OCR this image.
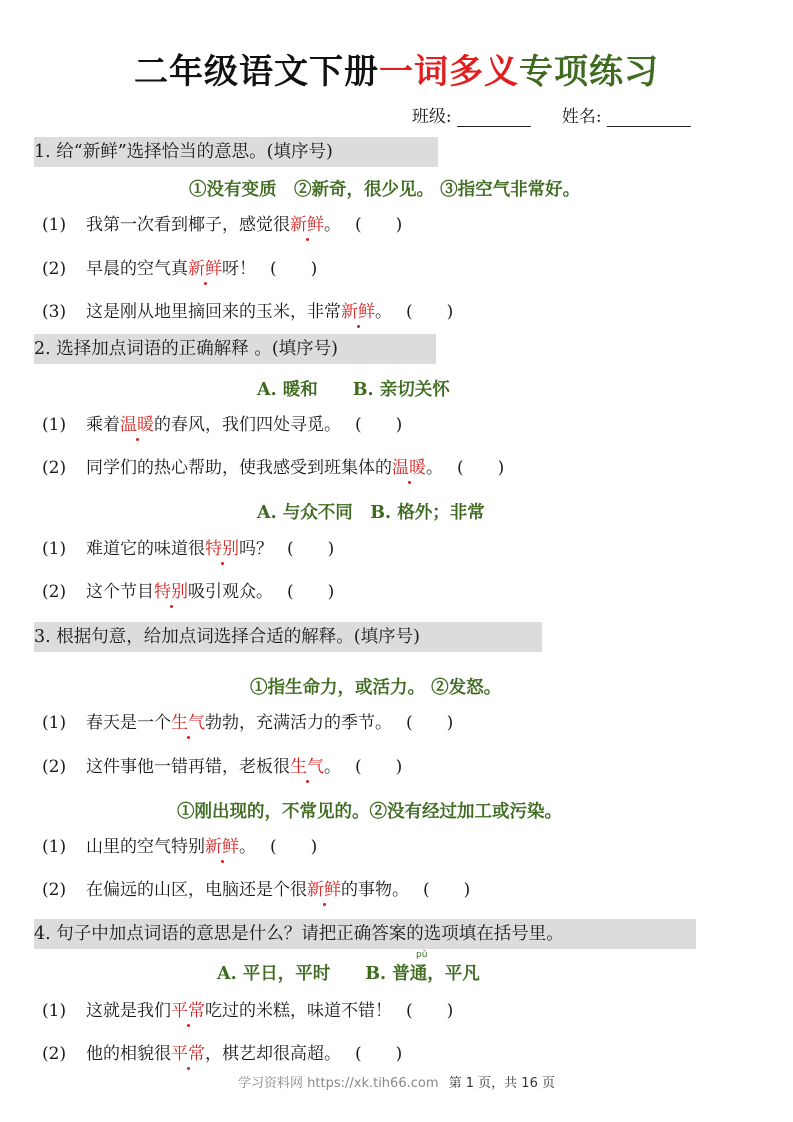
二年级语文下册一词多义专项练习
班级:	姓名:
1. 给“新鲜”选择恰当的意思。(填序号)
①没有变质　②新奇，很少见。 ③指空气非常好。
(1) 我第一次看到椰子，感觉很新鲜。 (　　)
(2) 早晨的空气真新鲜呀！ (　　)
(3) 这是刚从地里摘回来的玉米，非常新鲜。 (　　)
2. 选择加点词语的正确解释 。(填序号)
A. 暖和　　B. 亲切关怀
(1) 乘着温暖的春风，我们四处寻觅。 (　　)
(2) 同学们的热心帮助，使我感受到班集体的温暖。 (　　)
A. 与众不同　B. 格外；非常
(1) 难道它的味道很特别吗？ (　　)
(2) 这个节目特别吸引观众。 (　　)
3. 根据句意，给加点词选择合适的解释。(填序号)
①指生命力，或活力。 ②发怒。
(1) 春天是一个生气勃勃，充满活力的季节。 (　　)
(2) 这件事他一错再错，老板很生气。 (　　)
①刚出现的，不常见的。②没有经过加工或污染。
(1) 山里的空气特别新鲜。 (　　)
(2) 在偏远的山区，电脑还是个很新鲜的事物。 (　　)
4. 句子中加点词语的意思是什么？请把正确答案的选项填在括号里。
pǔ
A. 平日，平时　　B. 普通，平凡
(1) 这就是我们平常吃过的米糕，味道不错！ (　　)
(2) 他的相貌很平常，棋艺却很高超。 (　　)
学习资料网 https://xk.tih66.com 第 1 页，共 16 页
